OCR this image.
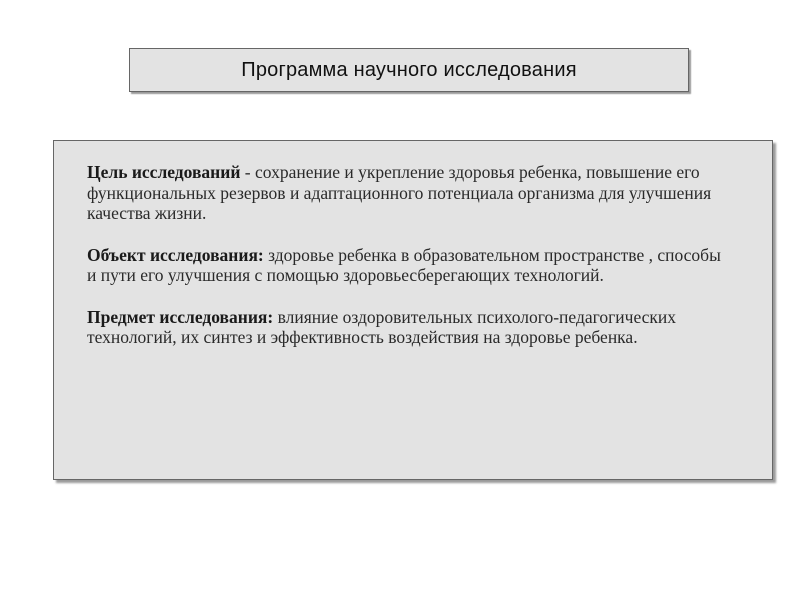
Программа научного исследования

Цель исследований - сохранение и укрепление здоровья ребенка, повышение его функциональных резервов и адаптационного потенциала организма для улучшения качества жизни.

Объект исследования: здоровье ребенка в образовательном пространстве , способы и пути его улучшения с помощью здоровьесберегающих технологий.

Предмет исследования: влияние оздоровительных психолого-педагогических технологий, их синтез и эффективность воздействия на здоровье ребенка.
